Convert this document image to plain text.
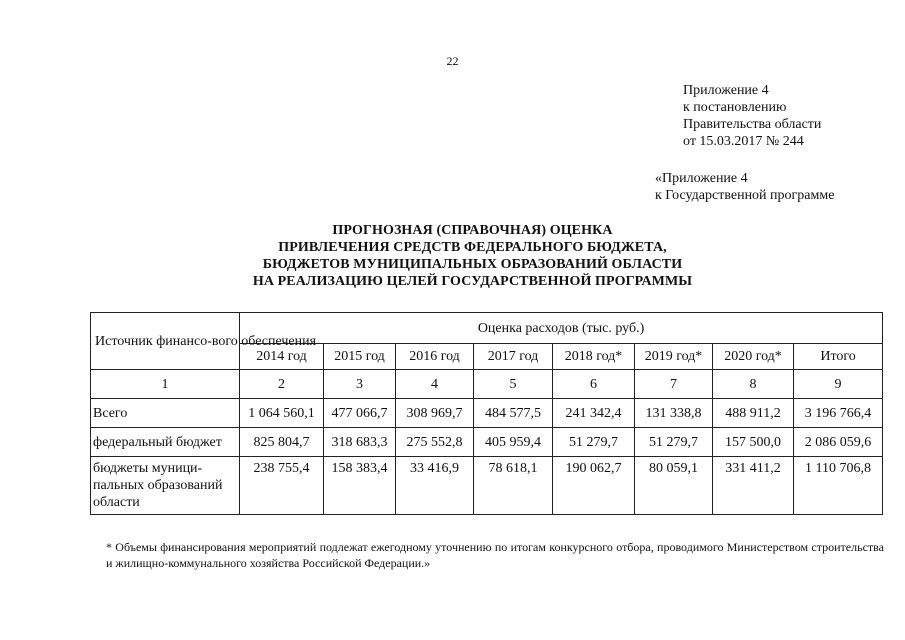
22
Приложение 4
к постановлению
Правительства области
от 15.03.2017 № 244
«Приложение 4
к Государственной программе
ПРОГНОЗНАЯ (СПРАВОЧНАЯ) ОЦЕНКА
ПРИВЛЕЧЕНИЯ СРЕДСТВ ФЕДЕРАЛЬНОГО БЮДЖЕТА,
БЮДЖЕТОВ МУНИЦИПАЛЬНЫХ ОБРАЗОВАНИЙ ОБЛАСТИ
НА РЕАЛИЗАЦИЮ ЦЕЛЕЙ ГОСУДАРСТВЕННОЙ ПРОГРАММЫ
Источник финансо-вого обеспечения	Оценка расходов (тыс. руб.)							
	2014 год	2015 год	2016 год	2017 год	2018 год*	2019 год*	2020 год*	Итого
1	2	3	4	5	6	7	8	9
Всего	1 064 560,1	477 066,7	308 969,7	484 577,5	241 342,4	131 338,8	488 911,2	3 196 766,4
федеральный бюджет	825 804,7	318 683,3	275 552,8	405 959,4	51 279,7	51 279,7	157 500,0	2 086 059,6
бюджеты муници-пальных образований области	238 755,4	158 383,4	33 416,9	78 618,1	190 062,7	80 059,1	331 411,2	1 110 706,8
* Объемы финансирования мероприятий подлежат ежегодному уточнению по итогам конкурсного отбора, проводимого Министерством строительства и жилищно-коммунального хозяйства Российской Федерации.»
